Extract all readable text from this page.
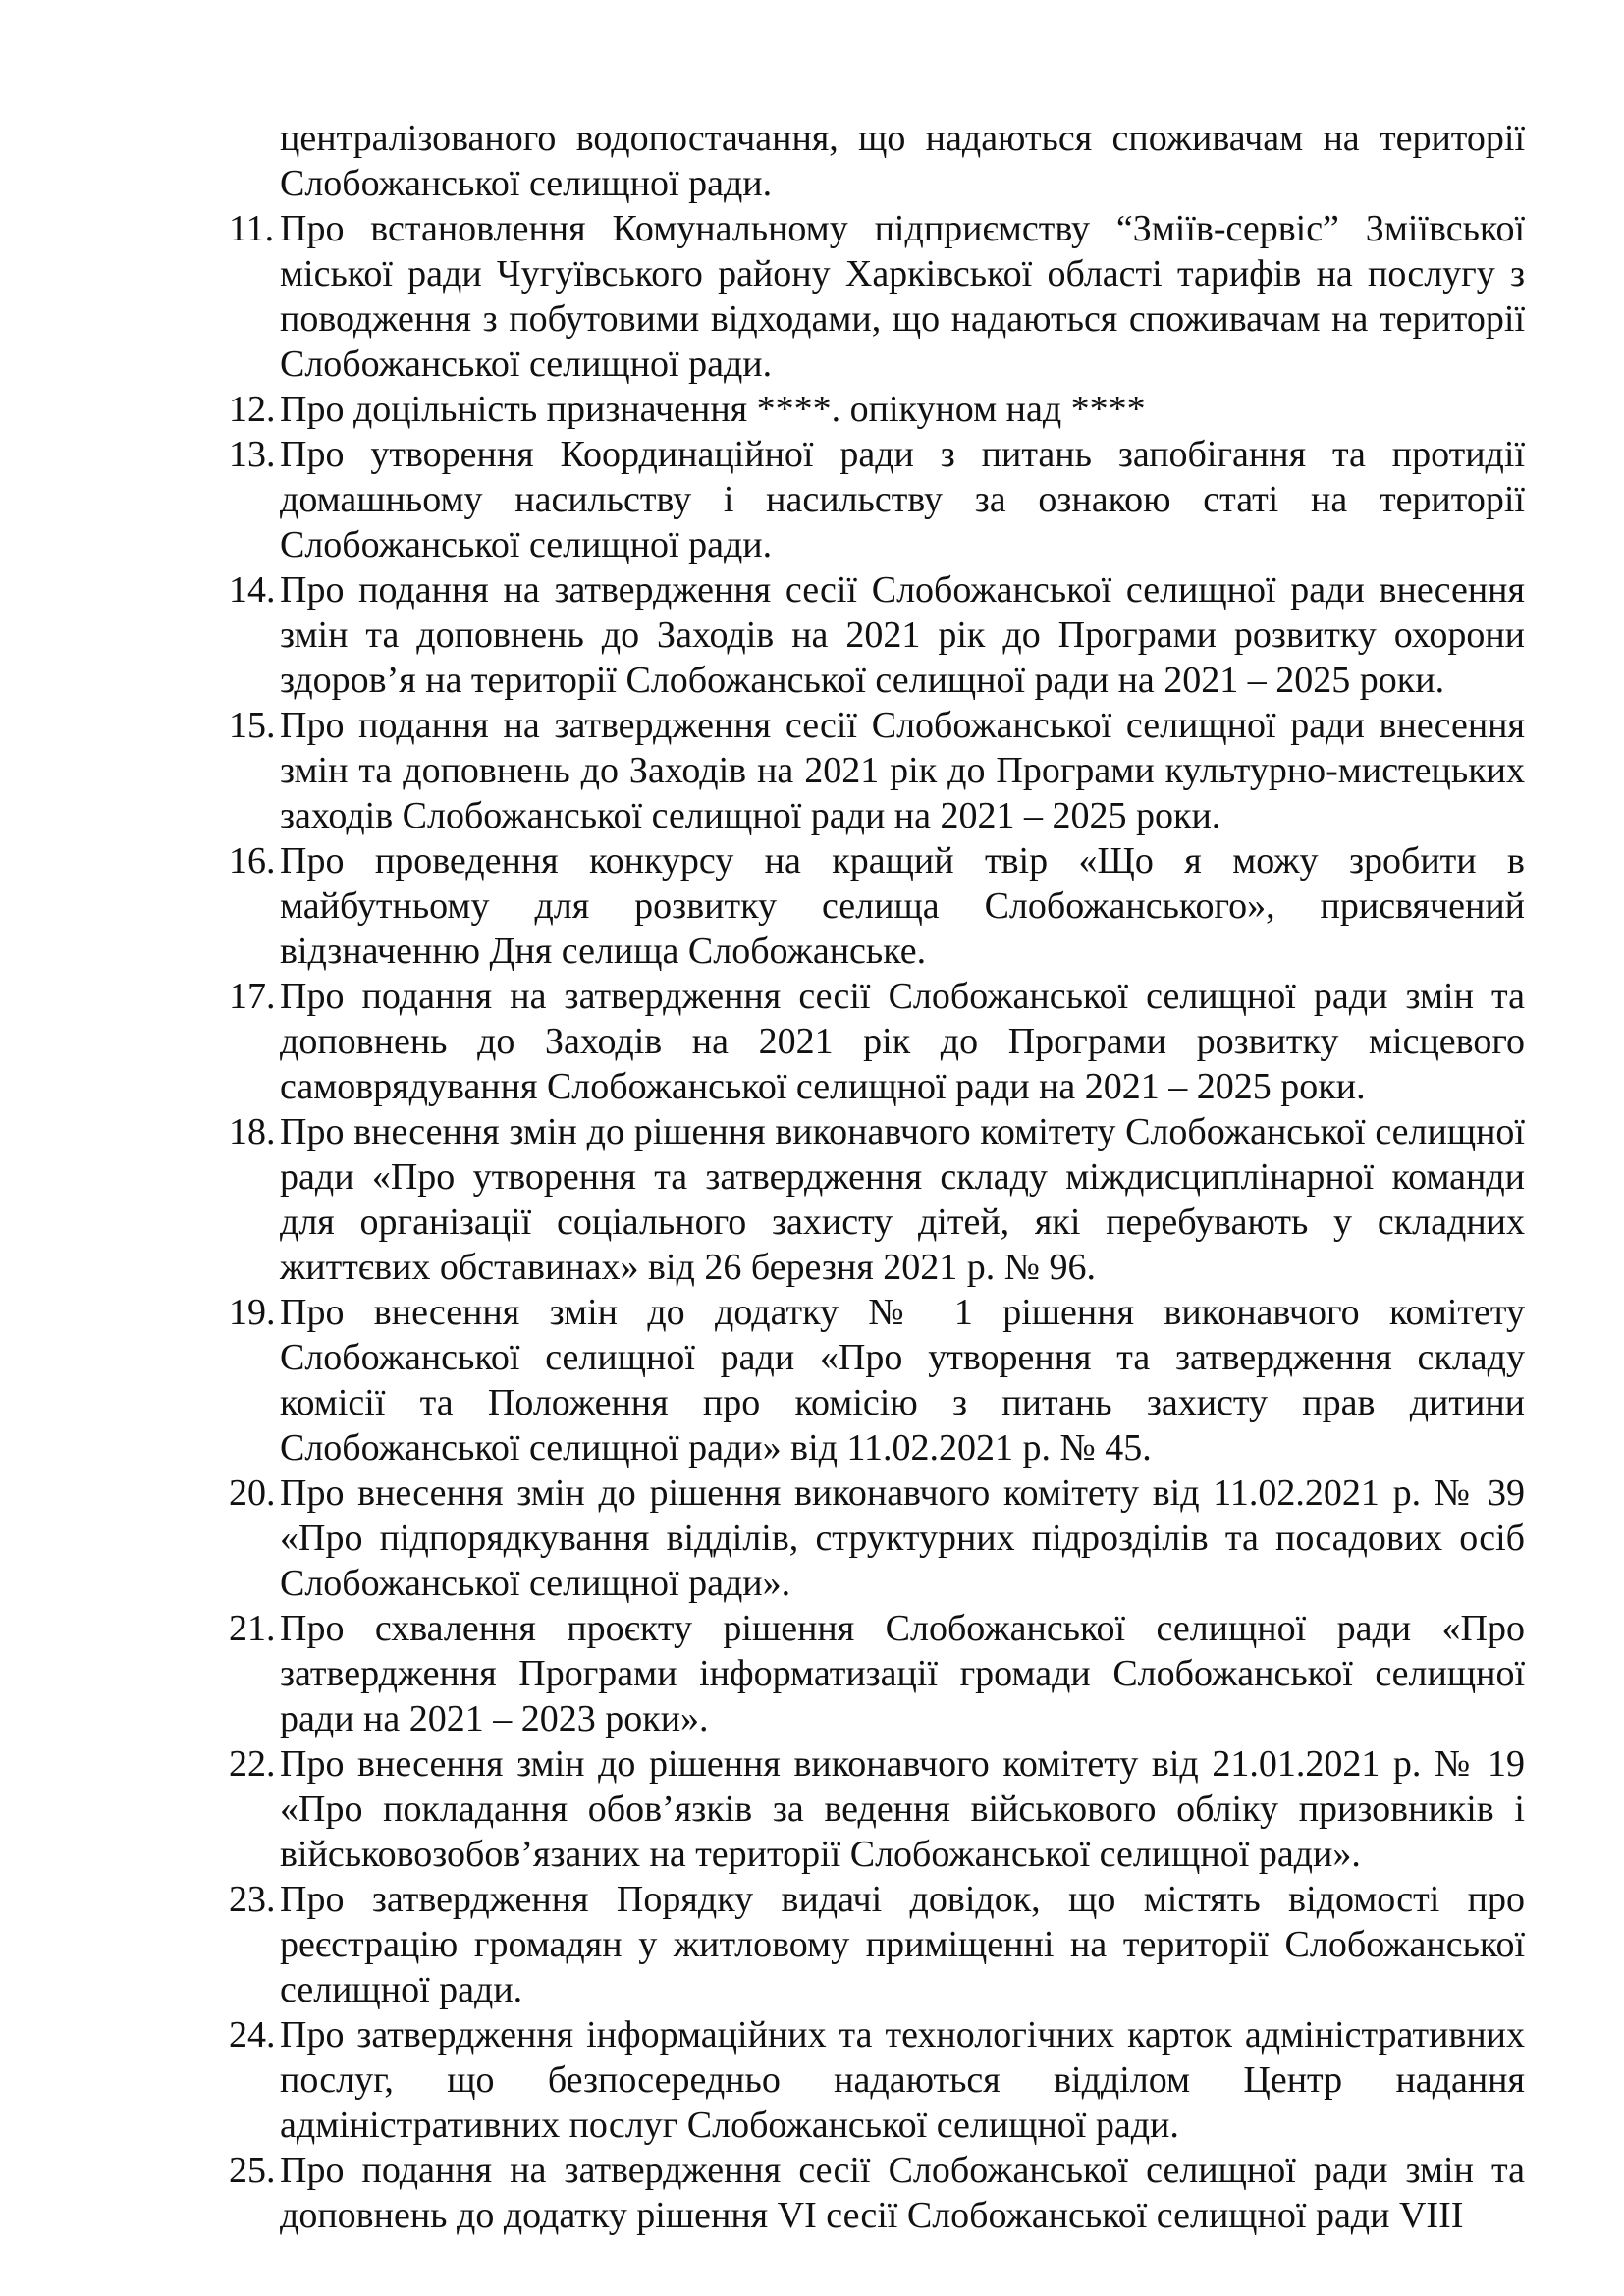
централізованого водопостачання, що надаються споживачам на території Слобожанської селищної ради.
11. Про встановлення Комунальному підприємству “Зміїв-сервіс” Зміївської міської ради Чугуївського району Харківської області тарифів на послугу з поводження з побутовими відходами, що надаються споживачам на території Слобожанської селищної ради.
12. Про доцільність призначення ****. опікуном над ****
13. Про утворення Координаційної ради з питань запобігання та протидії домашньому насильству і насильству за ознакою статі на території Слобожанської селищної ради.
14. Про подання на затвердження сесії Слобожанської селищної ради внесення змін та доповнень до Заходів на 2021 рік до Програми розвитку охорони здоров’я на території Слобожанської селищної ради на 2021 – 2025 роки.
15. Про подання на затвердження сесії Слобожанської селищної ради внесення змін та доповнень до Заходів на 2021 рік до Програми культурно-мистецьких заходів Слобожанської селищної ради на 2021 – 2025 роки.
16. Про проведення конкурсу на кращий твір «Що я можу зробити в майбутньому для розвитку селища Слобожанського», присвячений відзначенню Дня селища Слобожанське.
17. Про подання на затвердження сесії Слобожанської селищної ради змін та доповнень до Заходів на 2021 рік до Програми розвитку місцевого самоврядування Слобожанської селищної ради на 2021 – 2025 роки.
18. Про внесення змін до рішення виконавчого комітету Слобожанської селищної ради «Про утворення та затвердження складу міждисциплінарної команди для організації соціального захисту дітей, які перебувають у складних життєвих обставинах» від 26 березня 2021 р. № 96.
19. Про внесення змін до додатку № 1 рішення виконавчого комітету Слобожанської селищної ради «Про утворення та затвердження складу комісії та Положення про комісію з питань захисту прав дитини Слобожанської селищної ради» від 11.02.2021 р. № 45.
20. Про внесення змін до рішення виконавчого комітету від 11.02.2021 р. № 39 «Про підпорядкування відділів, структурних підрозділів та посадових осіб Слобожанської селищної ради».
21. Про схвалення проєкту рішення Слобожанської селищної ради «Про затвердження Програми інформатизації громади Слобожанської селищної ради на 2021 – 2023 роки».
22. Про внесення змін до рішення виконавчого комітету від 21.01.2021 р. № 19 «Про покладання обов’язків за ведення військового обліку призовників і військовозобов’язаних на території Слобожанської селищної ради».
23. Про затвердження Порядку видачі довідок, що містять відомості про реєстрацію громадян у житловому приміщенні на території Слобожанської селищної ради.
24. Про затвердження інформаційних та технологічних карток адміністративних послуг, що безпосередньо надаються відділом Центр надання адміністративних послуг Слобожанської селищної ради.
25. Про подання на затвердження сесії Слобожанської селищної ради змін та доповнень до додатку рішення VI сесії Слобожанської селищної ради VIII
